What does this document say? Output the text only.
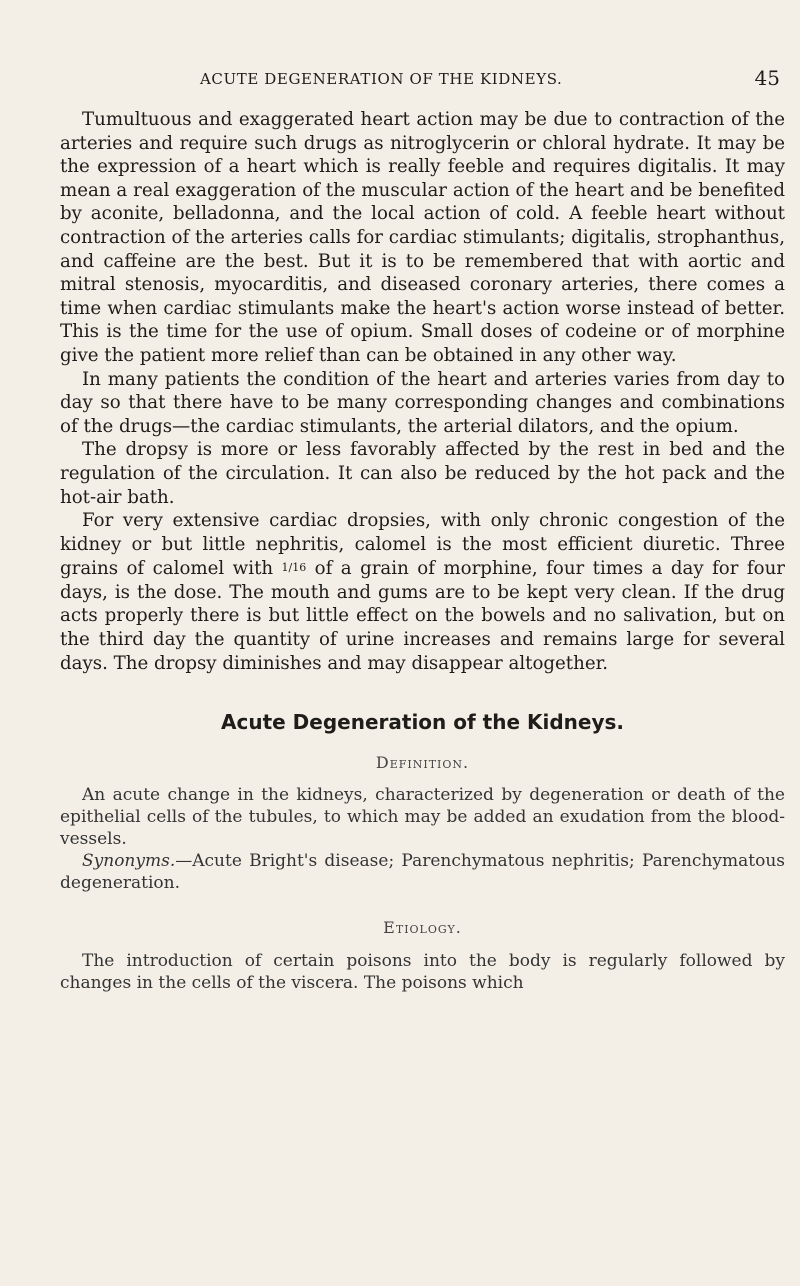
ACUTE DEGENERATION OF THE KIDNEYS.	45

Tumultuous and exaggerated heart action may be due to contraction of the arteries and require such drugs as nitroglycerin or chloral hydrate. It may be the expression of a heart which is really feeble and requires digitalis. It may mean a real exaggeration of the muscular action of the heart and be benefited by aconite, belladonna, and the local action of cold. A feeble heart without contraction of the arteries calls for cardiac stimulants; digitalis, strophanthus, and caffeine are the best. But it is to be remembered that with aortic and mitral stenosis, myocarditis, and diseased coronary arteries, there comes a time when cardiac stimulants make the heart's action worse instead of better. This is the time for the use of opium. Small doses of codeine or of morphine give the patient more relief than can be obtained in any other way.

In many patients the condition of the heart and arteries varies from day to day so that there have to be many corresponding changes and combinations of the drugs—the cardiac stimulants, the arterial dilators, and the opium.

The dropsy is more or less favorably affected by the rest in bed and the regulation of the circulation. It can also be reduced by the hot pack and the hot-air bath.

For very extensive cardiac dropsies, with only chronic congestion of the kidney or but little nephritis, calomel is the most efficient diuretic. Three grains of calomel with 1/16 of a grain of morphine, four times a day for four days, is the dose. The mouth and gums are to be kept very clean. If the drug acts properly there is but little effect on the bowels and no salivation, but on the third day the quantity of urine increases and remains large for several days. The dropsy diminishes and may disappear altogether.

Acute Degeneration of the Kidneys.
Definition.

An acute change in the kidneys, characterized by degeneration or death of the epithelial cells of the tubules, to which may be added an exudation from the blood-vessels.

Synonyms.—Acute Bright's disease; Parenchymatous nephritis; Parenchymatous degeneration.

Etiology.

The introduction of certain poisons into the body is regularly followed by changes in the cells of the viscera. The poisons which
